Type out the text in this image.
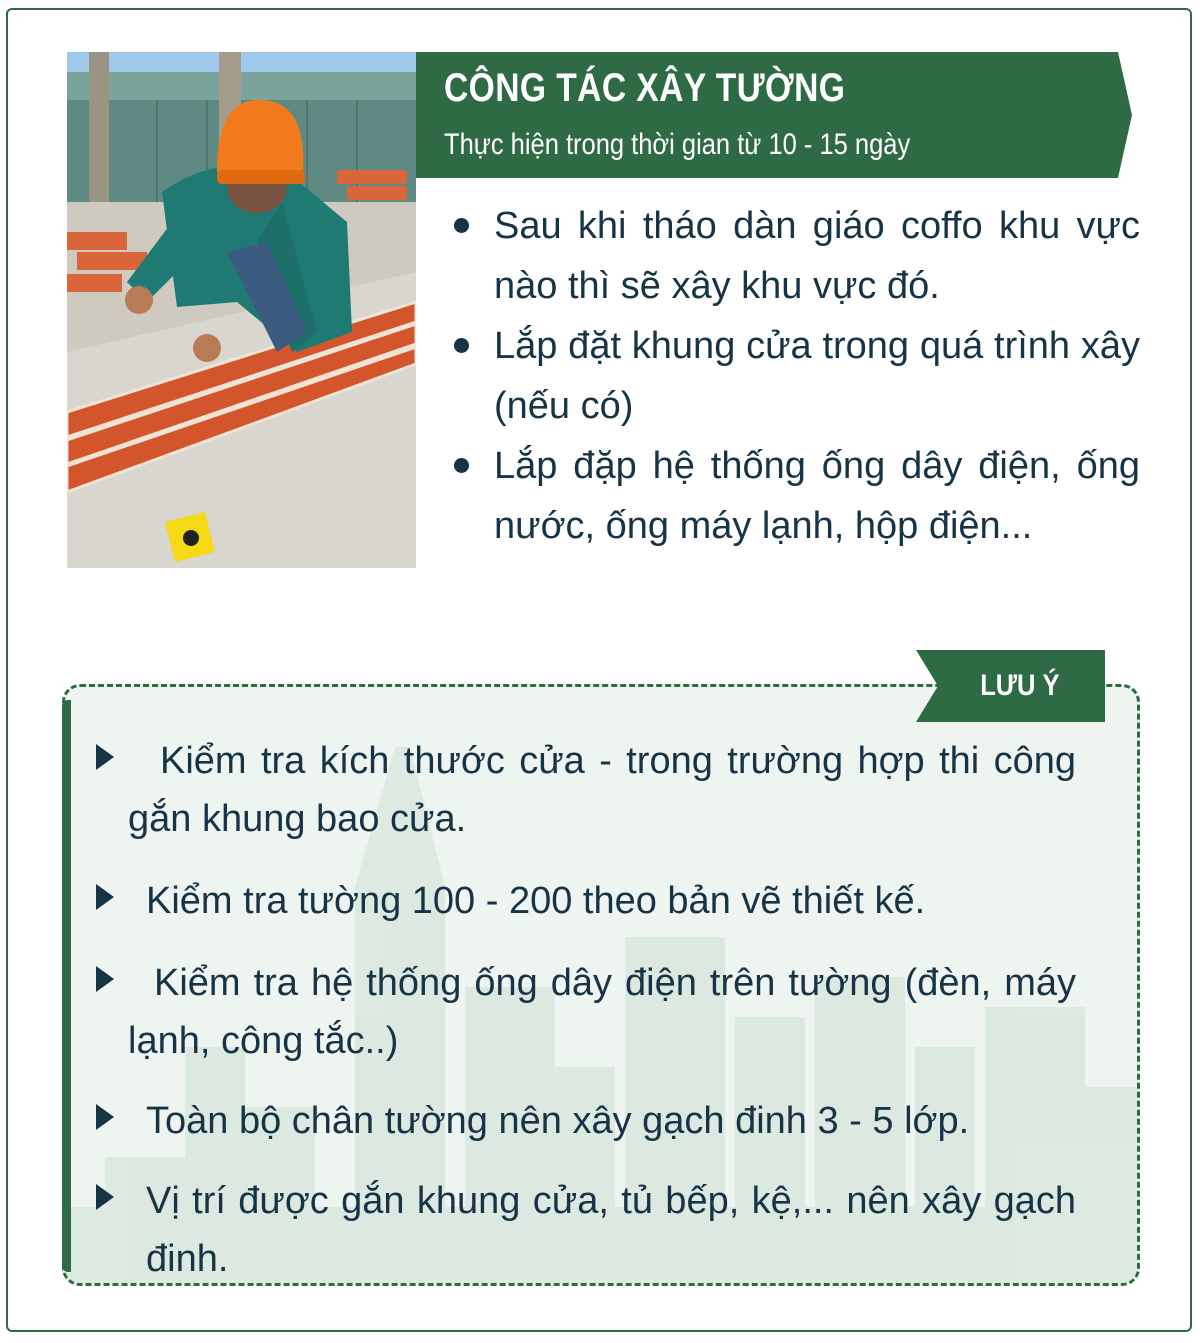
CÔNG TÁC XÂY TƯỜNG
Thực hiện trong thời gian từ 10 - 15 ngày
Sau khi tháo dàn giáo coffo khu vực nào thì sẽ xây khu vực đó.
Lắp đặt khung cửa trong quá trình xây (nếu có)
Lắp đặp hệ thống ống dây điện, ống nước, ống máy lạnh, hộp điện...
LƯU Ý
Kiểm tra kích thước cửa - trong trường hợp thi công gắn khung bao cửa.
Kiểm tra tường 100 - 200 theo bản vẽ thiết kế.
Kiểm tra hệ thống ống dây điện trên tường (đèn, máy lạnh, công tắc..)
Toàn bộ chân tường nên xây gạch đinh 3 - 5 lớp.
Vị trí được gắn khung cửa, tủ bếp, kệ,... nên xây gạch đinh.
